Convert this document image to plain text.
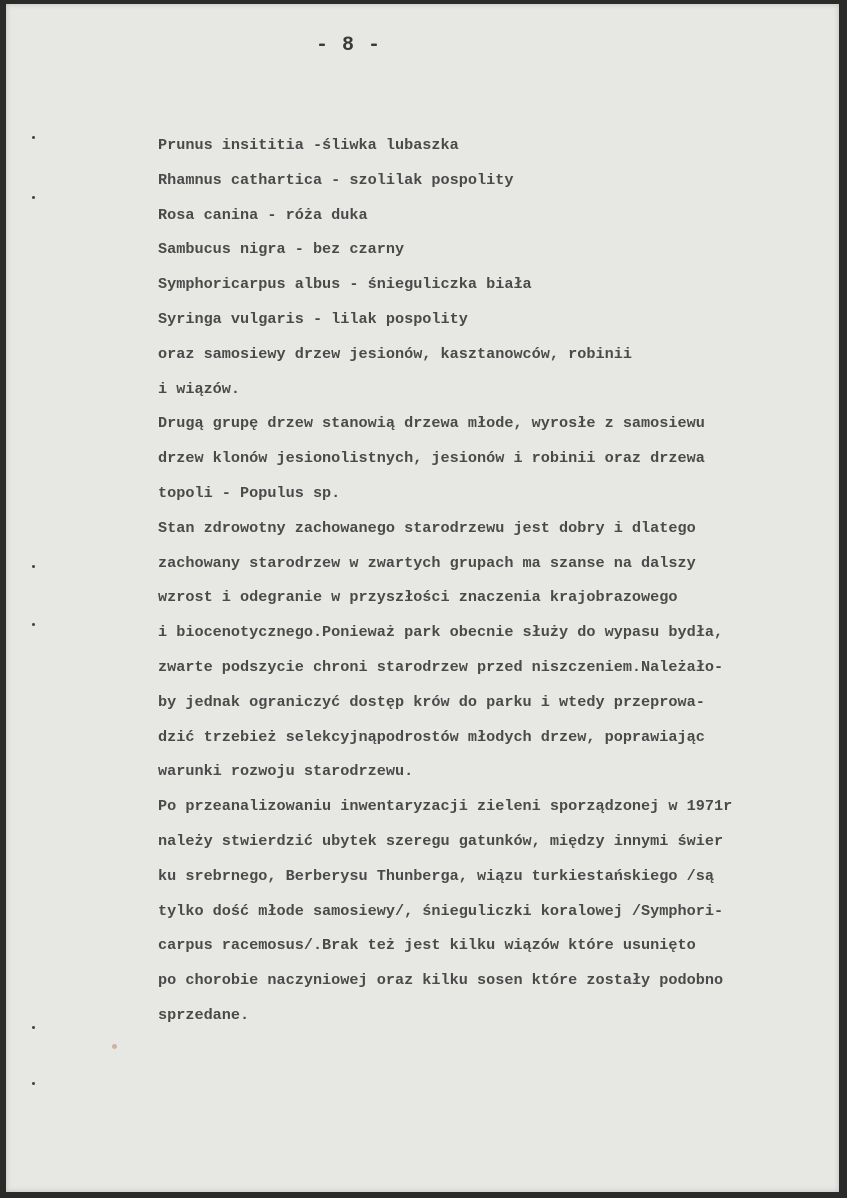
- 8 -
Prunus insititia -śliwka lubaszka
Rhamnus cathartica - szolilak pospolity
Rosa canina - róża duka
Sambucus nigra - bez czarny
Symphoricarpus albus - śnieguliczka biała
Syringa vulgaris - lilak pospolity
oraz samosiewy drzew jesionów, kasztanowców, robinii
i wiązów.
Drugą grupę drzew stanowią drzewa młode, wyrosłe z samosiewu
drzew klonów jesionolistnych, jesionów i robinii oraz drzewa
topoli - Populus sp.
Stan zdrowotny zachowanego starodrzewu jest dobry i dlatego
zachowany starodrzew w zwartych grupach ma szanse na dalszy
wzrost i odegranie w przyszłości znaczenia krajobrazowego
i biocenotycznego.Ponieważ park obecnie służy do wypasu bydła,
zwarte podszycie chroni starodrzew przed niszczeniem.Należało-
by jednak ograniczyć dostęp krów do parku i wtedy przeprowa-
dzić trzebież selekcyjnąpodrostów młodych drzew, poprawiając
warunki rozwoju starodrzewu.
Po przeanalizowaniu inwentaryzacji zieleni sporządzonej w 1971r
należy stwierdzić ubytek szeregu gatunków, między innymi świer
ku srebrnego, Berberysu Thunberga, wiązu turkiestańskiego /są
tylko dość młode samosiewy/, śnieguliczki koralowej /Symphori-
carpus racemosus/.Brak też jest kilku wiązów które usunięto
po chorobie naczyniowej oraz kilku sosen które zostały podobno
sprzedane.
